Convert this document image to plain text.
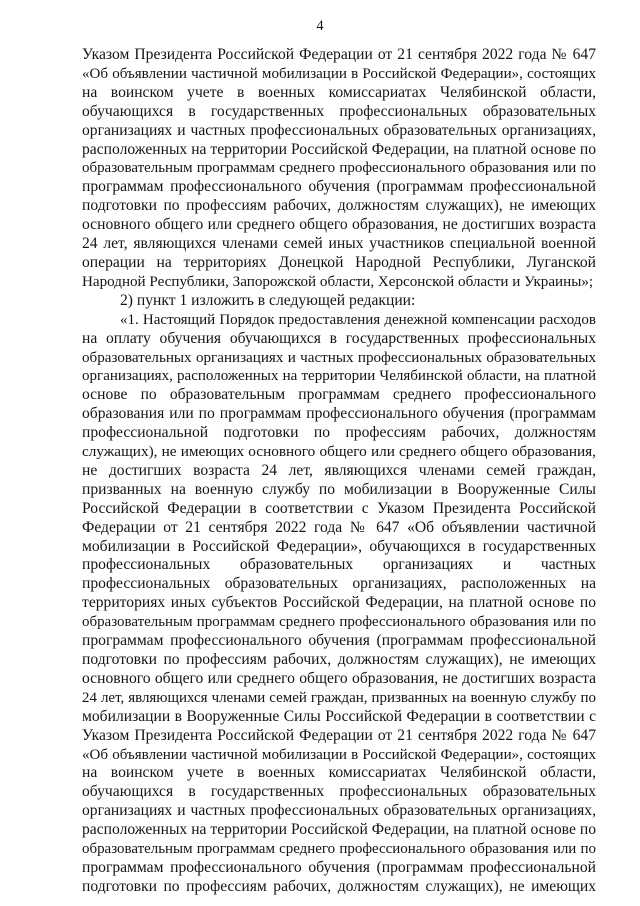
4
Указом Президента Российской Федерации от 21 сентября 2022 года № 647
«Об объявлении частичной мобилизации в Российской Федерации», состоящих
на воинском учете в военных комиссариатах Челябинской области,
обучающихся в государственных профессиональных образовательных
организациях и частных профессиональных образовательных организациях,
расположенных на территории Российской Федерации, на платной основе по
образовательным программам среднего профессионального образования или по
программам профессионального обучения (программам профессиональной
подготовки по профессиям рабочих, должностям служащих), не имеющих
основного общего или среднего общего образования, не достигших возраста
24 лет, являющихся членами семей иных участников специальной военной
операции на территориях Донецкой Народной Республики, Луганской
Народной Республики, Запорожской области, Херсонской области и Украины»;
2) пункт 1 изложить в следующей редакции:
«1. Настоящий Порядок предоставления денежной компенсации расходов
на оплату обучения обучающихся в государственных профессиональных
образовательных организациях и частных профессиональных образовательных
организациях, расположенных на территории Челябинской области, на платной
основе по образовательным программам среднего профессионального
образования или по программам профессионального обучения (программам
профессиональной подготовки по профессиям рабочих, должностям
служащих), не имеющих основного общего или среднего общего образования,
не достигших возраста 24 лет, являющихся членами семей граждан,
призванных на военную службу по мобилизации в Вооруженные Силы
Российской Федерации в соответствии с Указом Президента Российской
Федерации от 21 сентября 2022 года № 647 «Об объявлении частичной
мобилизации в Российской Федерации», обучающихся в государственных
профессиональных образовательных организациях и частных
профессиональных образовательных организациях, расположенных на
территориях иных субъектов Российской Федерации, на платной основе по
образовательным программам среднего профессионального образования или по
программам профессионального обучения (программам профессиональной
подготовки по профессиям рабочих, должностям служащих), не имеющих
основного общего или среднего общего образования, не достигших возраста
24 лет, являющихся членами семей граждан, призванных на военную службу по
мобилизации в Вооруженные Силы Российской Федерации в соответствии с
Указом Президента Российской Федерации от 21 сентября 2022 года № 647
«Об объявлении частичной мобилизации в Российской Федерации», состоящих
на воинском учете в военных комиссариатах Челябинской области,
обучающихся в государственных профессиональных образовательных
организациях и частных профессиональных образовательных организациях,
расположенных на территории Российской Федерации, на платной основе по
образовательным программам среднего профессионального образования или по
программам профессионального обучения (программам профессиональной
подготовки по профессиям рабочих, должностям служащих), не имеющих
